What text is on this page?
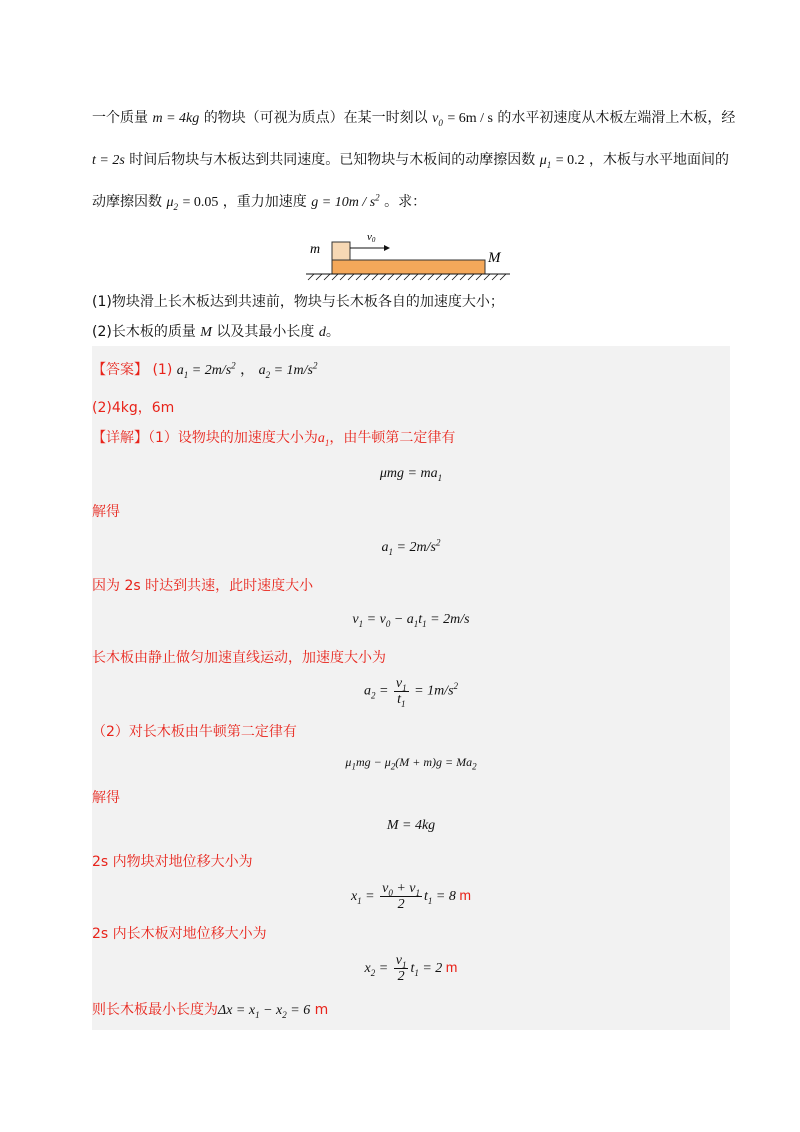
一个质量 m = 4kg 的物块（可视为质点）在某一时刻以 $v_0 = 6m / s$ 的水平初速度从木板左端滑上木板，经
t = 2s 时间后物块与木板达到共同速度。已知物块与木板间的动摩擦因数 $\mu_1 = 0.2$ ，木板与水平地面间的
动摩擦因数 $\mu_2 = 0.05$ ，重力加速度 $g = 10m / s^2$ 。求：
m
v0
M
(1)物块滑上长木板达到共速前，物块与长木板各自的加速度大小；
(2)长木板的质量 M 以及其最小长度 d。
【答案】 (1) $a_1 = 2m/s^2$ ， $a_2 = 1m/s^2$
(2)4kg，6m
【详解】（1）设物块的加速度大小为$a_1$，由牛顿第二定律有
$\mu mg = ma_1$
解得
$a_1 = 2m/s^2$
因为 2s 时达到共速，此时速度大小
$v_1 = v_0 - a_1t_1 = 2m/s$
长木板由静止做匀加速直线运动，加速度大小为
$a_2 = \frac{v_1}{t_1} = 1m/s^2$
（2）对长木板由牛顿第二定律有
$\mu_1mg - \mu_2(M + m)g = Ma_2$
解得
M = 4kg
2s 内物块对地位移大小为
$x_1 = \frac{v_0 + v_1}{2} t_1 = 8$ m
2s 内长木板对地位移大小为
$x_2 = \frac{v_1}{2} t_1 = 2$ m
则长木板最小长度为$\Delta x = x_1 - x_2 = 6$ m
